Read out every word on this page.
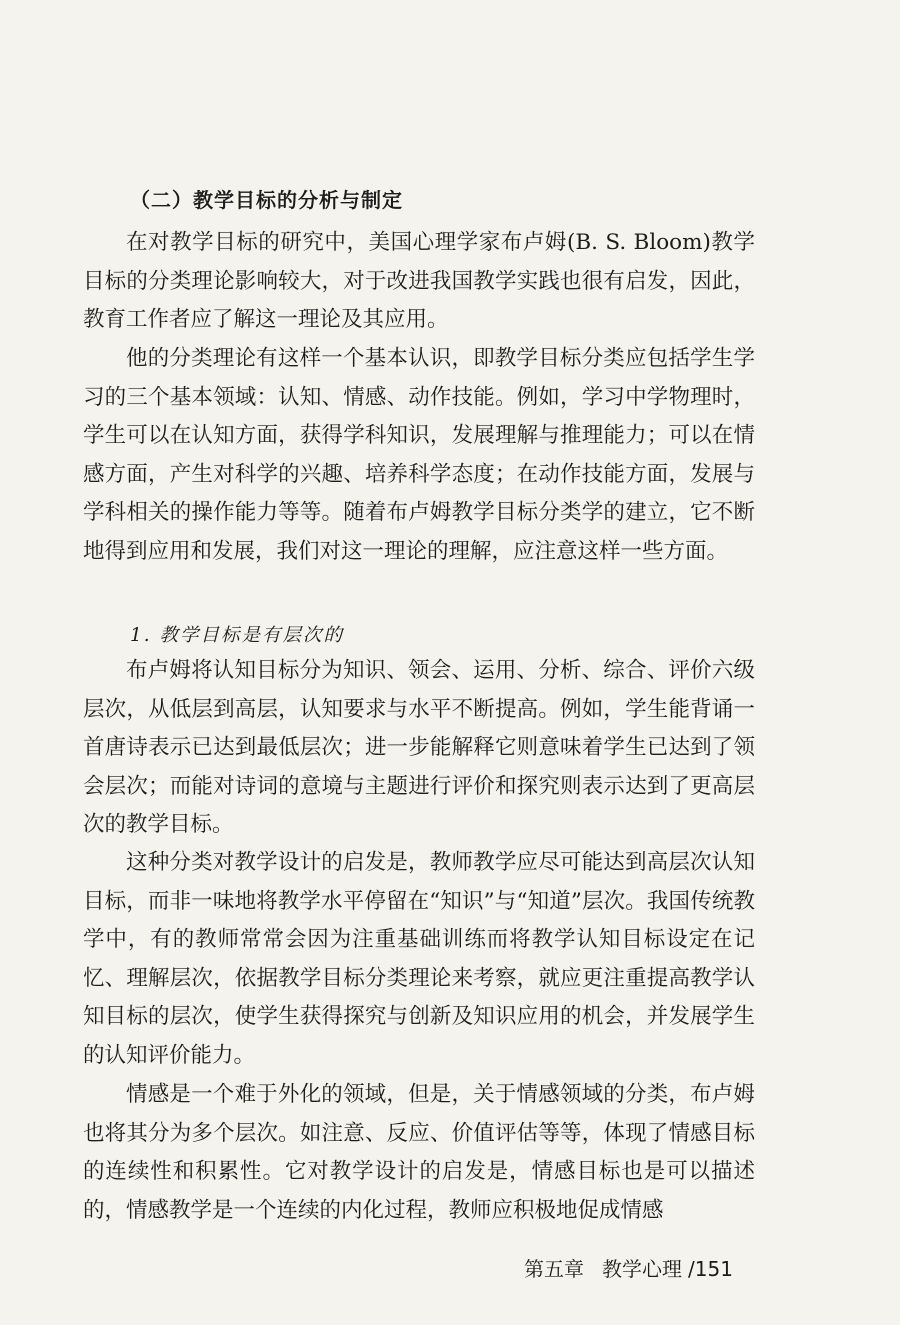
（二）教学目标的分析与制定

在对教学目标的研究中，美国心理学家布卢姆(B. S. Bloom)教学目标的分类理论影响较大，对于改进我国教学实践也很有启发，因此，教育工作者应了解这一理论及其应用。

他的分类理论有这样一个基本认识，即教学目标分类应包括学生学习的三个基本领域：认知、情感、动作技能。例如，学习中学物理时，学生可以在认知方面，获得学科知识，发展理解与推理能力；可以在情感方面，产生对科学的兴趣、培养科学态度；在动作技能方面，发展与学科相关的操作能力等等。随着布卢姆教学目标分类学的建立，它不断地得到应用和发展，我们对这一理论的理解，应注意这样一些方面。

1. 教学目标是有层次的

布卢姆将认知目标分为知识、领会、运用、分析、综合、评价六级层次，从低层到高层，认知要求与水平不断提高。例如，学生能背诵一首唐诗表示已达到最低层次；进一步能解释它则意味着学生已达到了领会层次；而能对诗词的意境与主题进行评价和探究则表示达到了更高层次的教学目标。

这种分类对教学设计的启发是，教师教学应尽可能达到高层次认知目标，而非一味地将教学水平停留在“知识”与“知道”层次。我国传统教学中，有的教师常常会因为注重基础训练而将教学认知目标设定在记忆、理解层次，依据教学目标分类理论来考察，就应更注重提高教学认知目标的层次，使学生获得探究与创新及知识应用的机会，并发展学生的认知评价能力。

情感是一个难于外化的领域，但是，关于情感领域的分类，布卢姆也将其分为多个层次。如注意、反应、价值评估等等，体现了情感目标的连续性和积累性。它对教学设计的启发是，情感目标也是可以描述的，情感教学是一个连续的内化过程，教师应积极地促成情感

第五章 教学心理 /151
